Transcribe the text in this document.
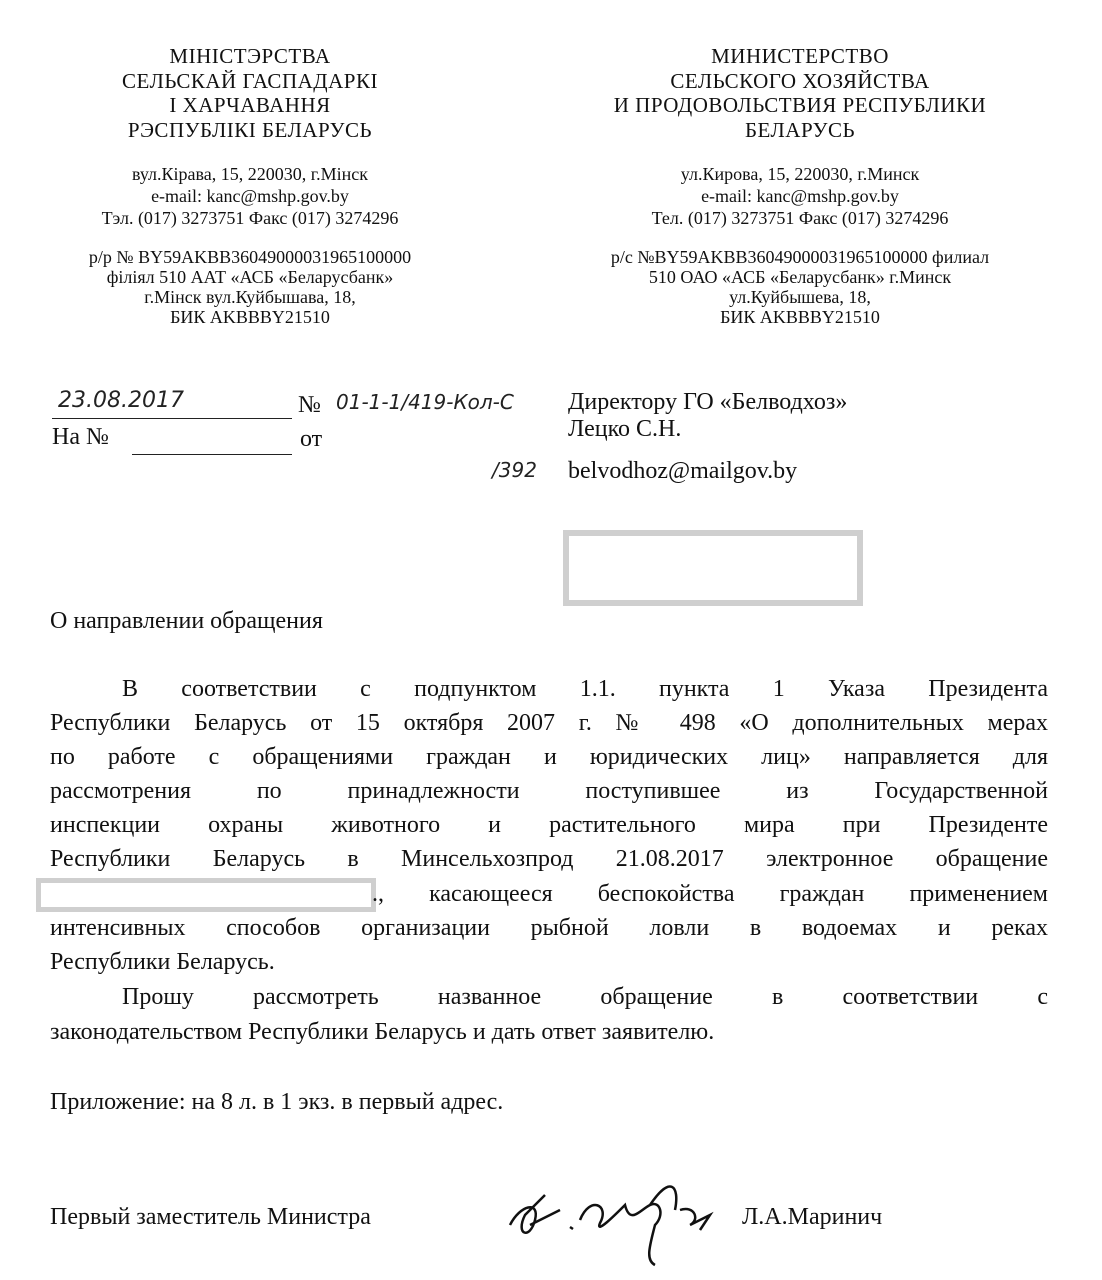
МІНІСТЭРСТВА
СЕЛЬСКАЙ ГАСПАДАРКІ
І ХАРЧАВАННЯ
РЭСПУБЛІКІ БЕЛАРУСЬ
вул.Кірава, 15, 220030, г.Мінск
e-mail: kanc@mshp.gov.by
Тэл. (017) 3273751 Факс (017) 3274296
р/р № BY59AKBB36049000031965100000
філіял 510 ААТ «АСБ «Беларусбанк»
г.Мінск вул.Куйбышава, 18,
БИК AKBBBY21510
МИНИСТЕРСТВО
СЕЛЬСКОГО ХОЗЯЙСТВА
И ПРОДОВОЛЬСТВИЯ РЕСПУБЛИКИ
БЕЛАРУСЬ
ул.Кирова, 15, 220030, г.Минск
e-mail: kanc@mshp.gov.by
Тел. (017) 3273751 Факс (017) 3274296
р/с №BY59AKBB36049000031965100000 филиал
510 ОАО «АСБ «Беларусбанк» г.Минск
ул.Куйбышева, 18,
БИК AKBBBY21510
23.08.2017	№ 01-1-1/419-Кол-С
/392
На №	от
Директору ГО «Белводхоз»
Лецко С.Н.
belvodhoz@mailgov.by
О направлении обращения
В соответствии с подпунктом 1.1. пункта 1 Указа Президента
Республики Беларусь от 15 октября 2007 г. № 498 «О дополнительных мерах
по работе с обращениями граждан и юридических лиц» направляется для
рассмотрения по принадлежности поступившее из Государственной
инспекции охраны животного и растительного мира при Президенте
Республики Беларусь в Минсельхозпрод 21.08.2017 электронное обращение
., касающееся беспокойства граждан применением
интенсивных способов организации рыбной ловли в водоемах и реках
Республики Беларусь.
Прошу рассмотреть названное обращение в соответствии с
законодательством Республики Беларусь и дать ответ заявителю.
Приложение: на 8 л. в 1 экз. в первый адрес.
Первый заместитель Министра	Л.А.Маринич
